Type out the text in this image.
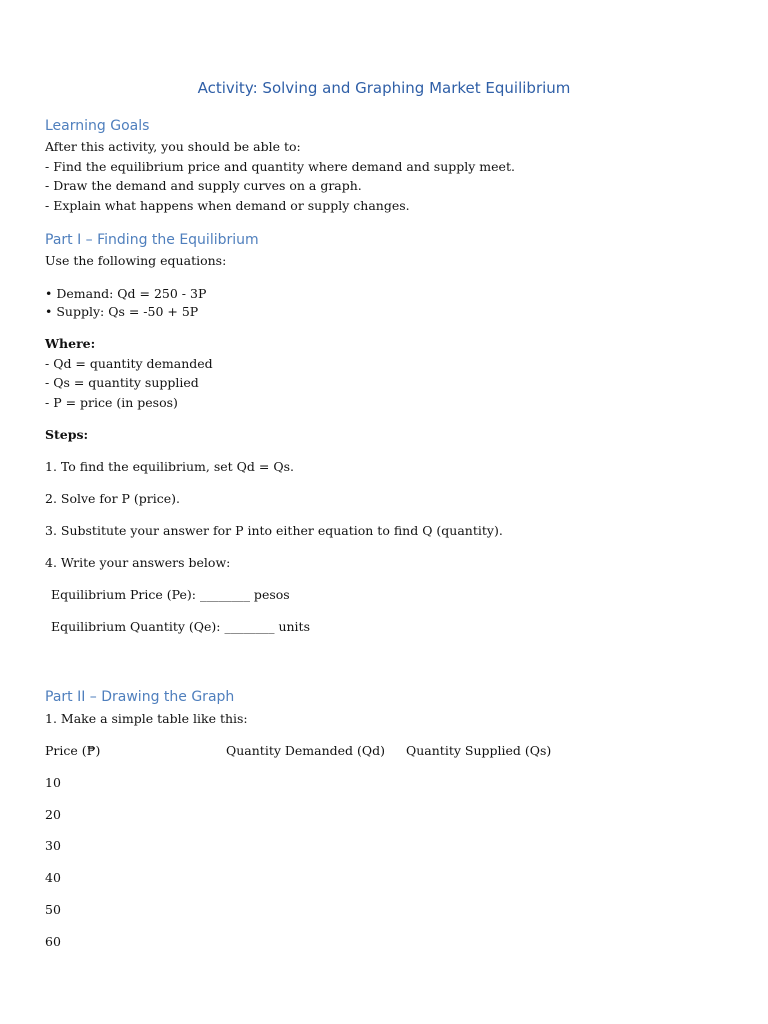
Activity: Solving and Graphing Market Equilibrium
Learning Goals
After this activity, you should be able to:
- Find the equilibrium price and quantity where demand and supply meet.
- Draw the demand and supply curves on a graph.
- Explain what happens when demand or supply changes.
Part I – Finding the Equilibrium
Use the following equations:
• Demand: Qd = 250 - 3P
• Supply: Qs = -50 + 5P
Where:
- Qd = quantity demanded
- Qs = quantity supplied
- P = price (in pesos)
Steps:
1. To find the equilibrium, set Qd = Qs.
2. Solve for P (price).
3. Substitute your answer for P into either equation to find Q (quantity).
4. Write your answers below:
Equilibrium Price (Pe): ________ pesos
Equilibrium Quantity (Qe): ________ units
Part II – Drawing the Graph
1. Make a simple table like this:
Price (₱)	Quantity Demanded (Qd) Quantity Supplied (Qs)
10
20
30
40
50
60
